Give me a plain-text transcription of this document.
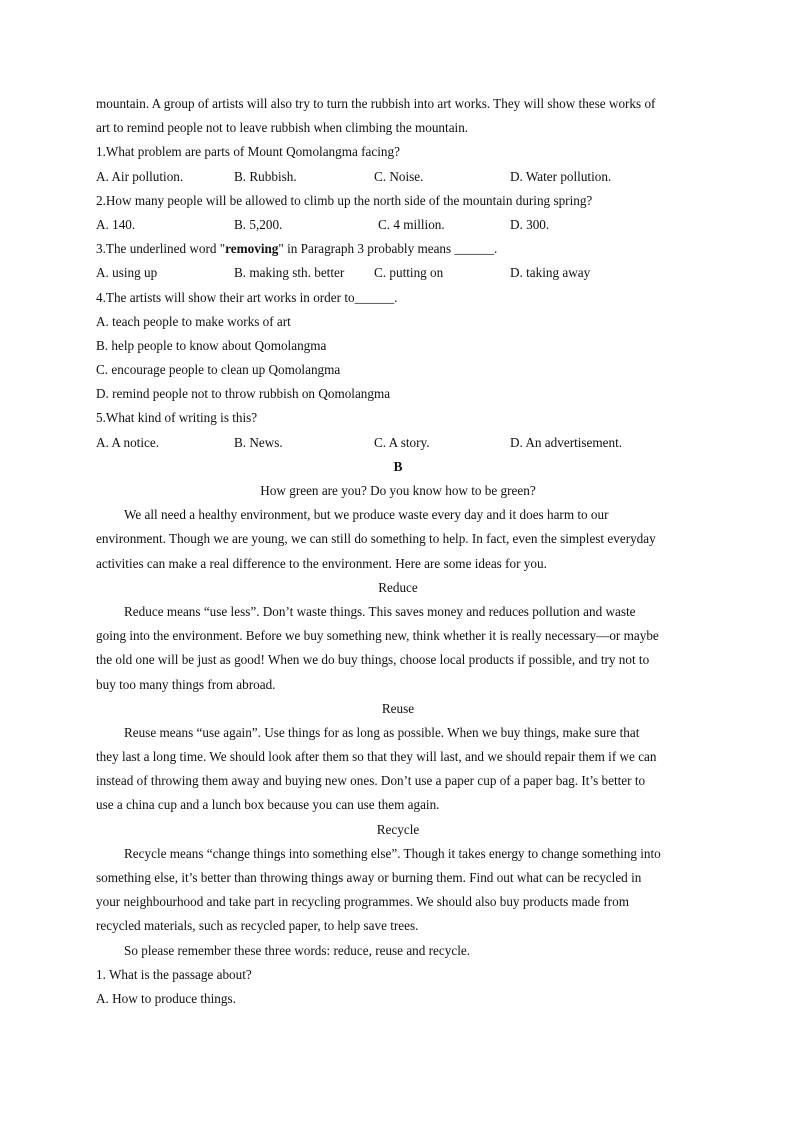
mountain. A group of artists will also try to turn the rubbish into art works. They will show these works of
art to remind people not to leave rubbish when climbing the mountain.
1.What problem are parts of Mount Qomolangma facing?
A. Air pollution.	B. Rubbish.	C. Noise.	D. Water pollution.
2.How many people will be allowed to climb up the north side of the mountain during spring?
A. 140.	B. 5,200.	C. 4 million.	D. 300.
3.The underlined word "removing" in Paragraph 3 probably means ______.
A. using up	B. making sth. better C. putting on	D. taking away
4.The artists will show their art works in order to______.
A. teach people to make works of art
B. help people to know about Qomolangma
C. encourage people to clean up Qomolangma
D. remind people not to throw rubbish on Qomolangma
5.What kind of writing is this?
A. A notice.	B. News.	C. A story.	D. An advertisement.
B
How green are you? Do you know how to be green?
We all need a healthy environment, but we produce waste every day and it does harm to our
environment. Though we are young, we can still do something to help. In fact, even the simplest everyday
activities can make a real difference to the environment. Here are some ideas for you.
Reduce
Reduce means “use less”. Don’t waste things. This saves money and reduces pollution and waste
going into the environment. Before we buy something new, think whether it is really necessary—or maybe
the old one will be just as good! When we do buy things, choose local products if possible, and try not to
buy too many things from abroad.
Reuse
Reuse means “use again”. Use things for as long as possible. When we buy things, make sure that
they last a long time. We should look after them so that they will last, and we should repair them if we can
instead of throwing them away and buying new ones. Don’t use a paper cup of a paper bag. It’s better to
use a china cup and a lunch box because you can use them again.
Recycle
Recycle means “change things into something else”. Though it takes energy to change something into
something else, it’s better than throwing things away or burning them. Find out what can be recycled in
your neighbourhood and take part in recycling programmes. We should also buy products made from
recycled materials, such as recycled paper, to help save trees.
So please remember these three words: reduce, reuse and recycle.
1. What is the passage about?
A. How to produce things.
